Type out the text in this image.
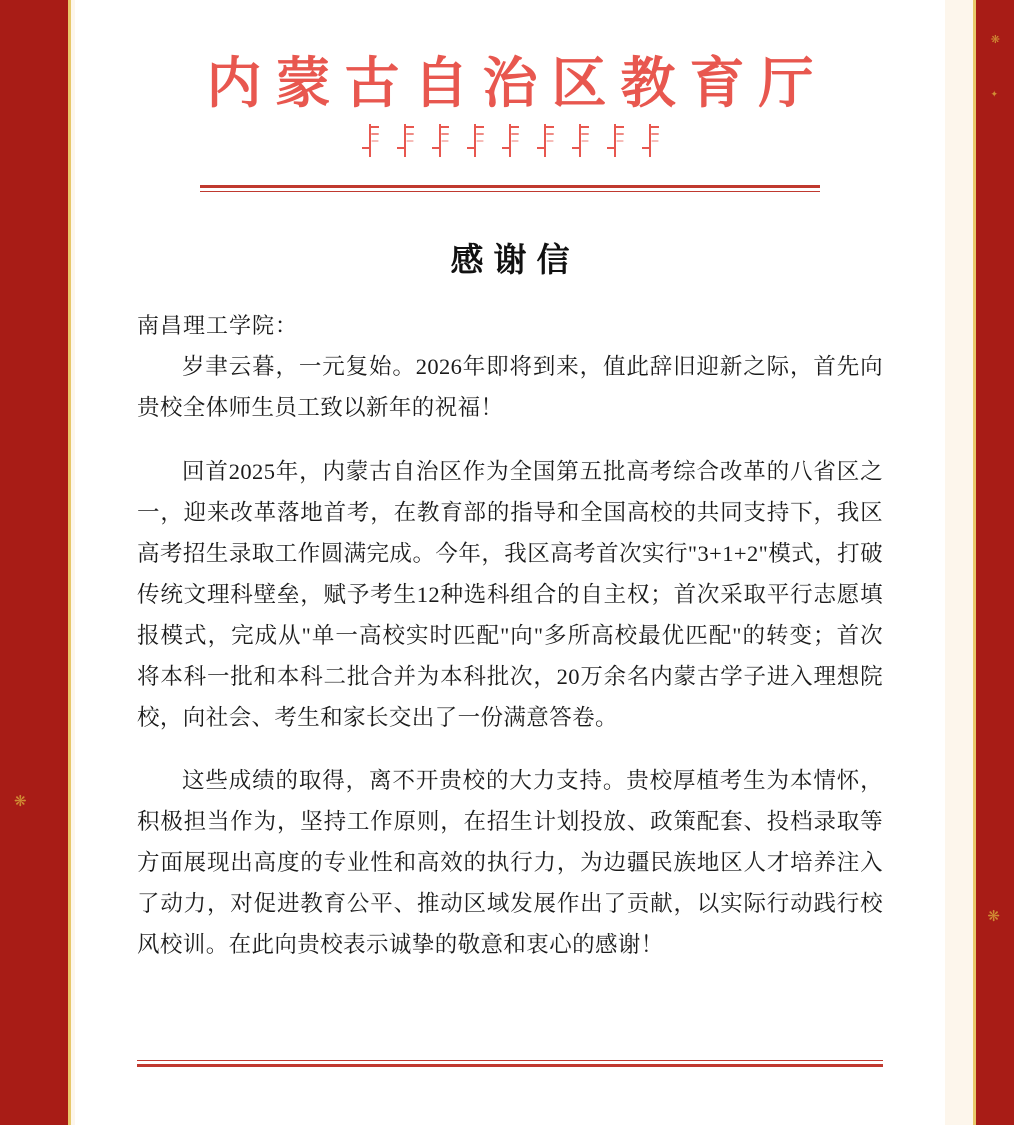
❋
❋
✦
❋
内蒙古自治区教育厅
感谢信
南昌理工学院：

岁聿云暮，一元复始。2026年即将到来，值此辞旧迎新之际，首先向贵校全体师生员工致以新年的祝福！

回首2025年，内蒙古自治区作为全国第五批高考综合改革的八省区之一，迎来改革落地首考，在教育部的指导和全国高校的共同支持下，我区高考招生录取工作圆满完成。今年，我区高考首次实行"3+1+2"模式，打破传统文理科壁垒，赋予考生12种选科组合的自主权；首次采取平行志愿填报模式，完成从"单一高校实时匹配"向"多所高校最优匹配"的转变；首次将本科一批和本科二批合并为本科批次，20万余名内蒙古学子进入理想院校，向社会、考生和家长交出了一份满意答卷。

这些成绩的取得，离不开贵校的大力支持。贵校厚植考生为本情怀，积极担当作为，坚持工作原则，在招生计划投放、政策配套、投档录取等方面展现出高度的专业性和高效的执行力，为边疆民族地区人才培养注入了动力，对促进教育公平、推动区域发展作出了贡献，以实际行动践行校风校训。在此向贵校表示诚挚的敬意和衷心的感谢！
